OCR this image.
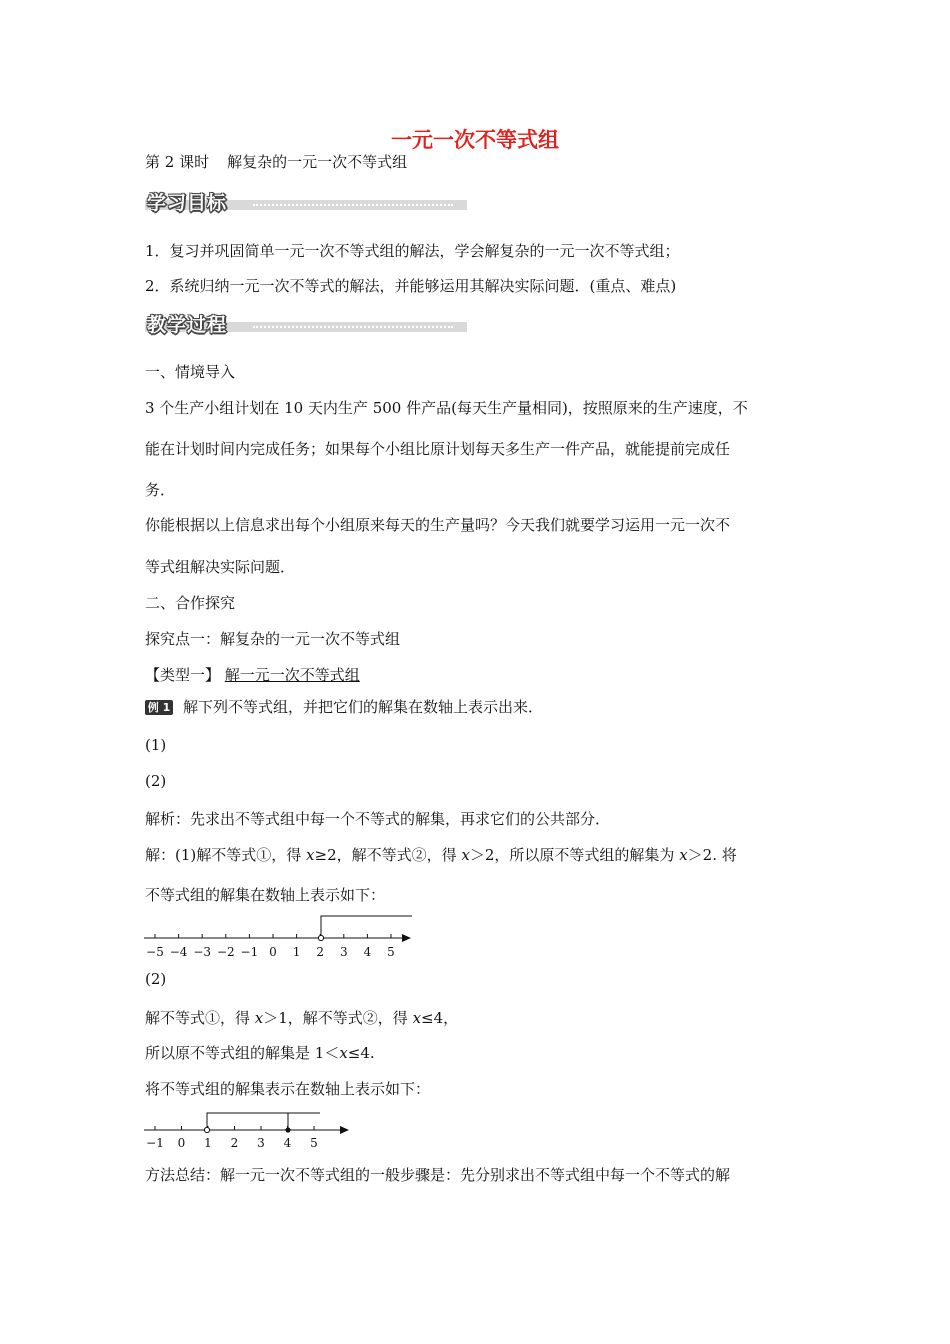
一元一次不等式组
第 2 课时 解复杂的一元一次不等式组
学习目标
1．复习并巩固简单一元一次不等式组的解法，学会解复杂的一元一次不等式组；
2．系统归纳一元一次不等式的解法，并能够运用其解决实际问题．(重点、难点)
教学过程
一、情境导入
3 个生产小组计划在 10 天内生产 500 件产品(每天生产量相同)，按照原来的生产速度，不
能在计划时间内完成任务；如果每个小组比原计划每天多生产一件产品，就能提前完成任
务．
你能根据以上信息求出每个小组原来每天的生产量吗？今天我们就要学习运用一元一次不
等式组解决实际问题．
二、合作探究
探究点一：解复杂的一元一次不等式组
【类型一】 解一元一次不等式组
例 1 解下列不等式组，并把它们的解集在数轴上表示出来．
(1)
(2)
解析：先求出不等式组中每一个不等式的解集，再求它们的公共部分．
解：(1)解不等式①，得 x≥2，解不等式②，得 x＞2，所以原不等式组的解集为 x＞2. 将
不等式组的解集在数轴上表示如下：
−5 −4 −3 −2 −1 0 1 2 3 4 5
(2)
解不等式①，得 x＞1，解不等式②，得 x≤4，
所以原不等式组的解集是 1＜x≤4.
将不等式组的解集表示在数轴上表示如下：
−1 0 1 2 3 4 5
方法总结：解一元一次不等式组的一般步骤是：先分别求出不等式组中每一个不等式的解
